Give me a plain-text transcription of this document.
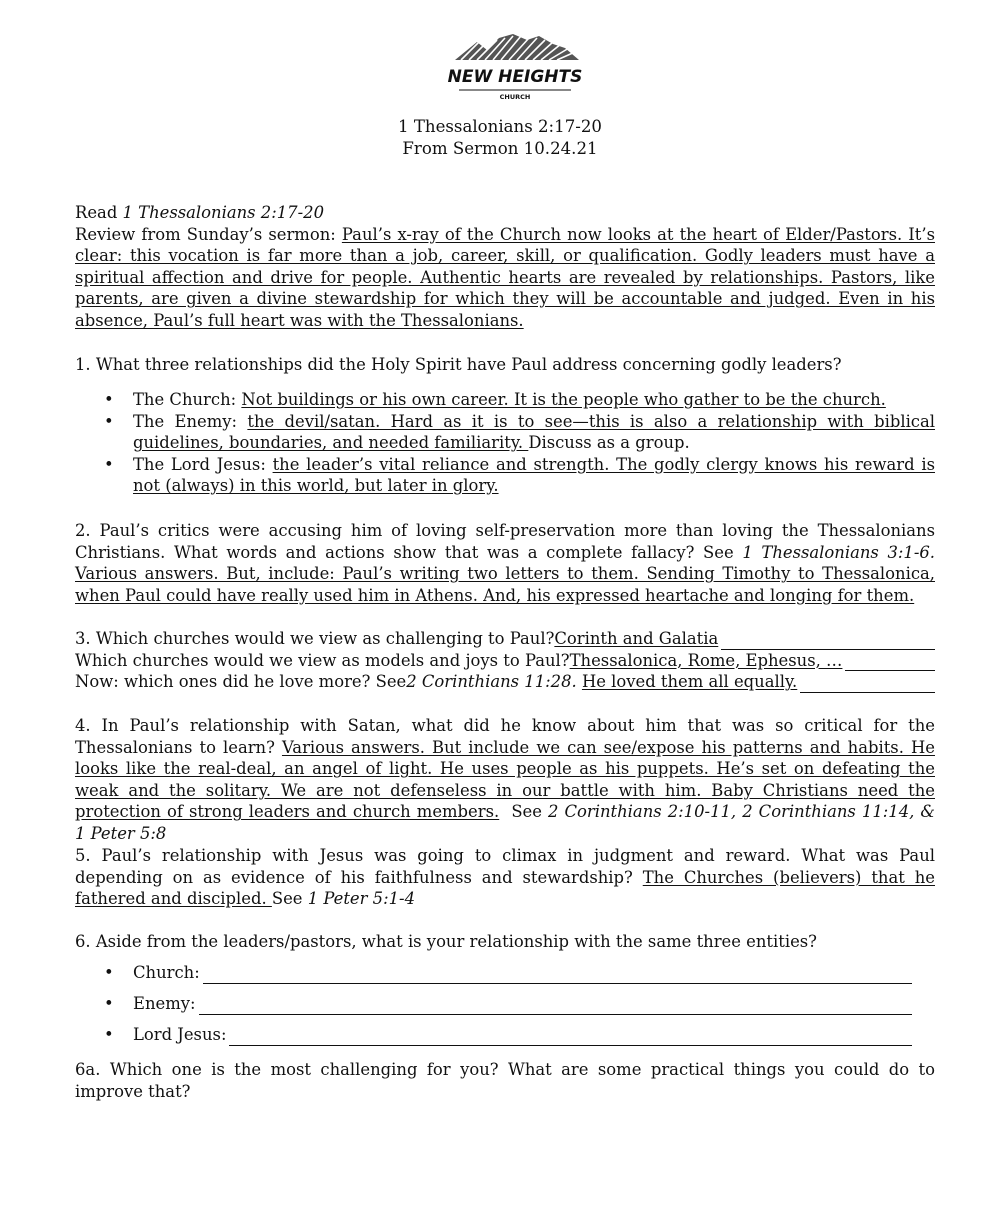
NEW HEIGHTS
CHURCH
1 Thessalonians 2:17-20
From Sermon 10.24.21

Read 1 Thessalonians 2:17-20

Review from Sunday’s sermon: Paul’s x-ray of the Church now looks at the heart of Elder/Pastors. It’s clear: this vocation is far more than a job, career, skill, or qualification. Godly leaders must have a spiritual affection and drive for people. Authentic hearts are revealed by relationships. Pastors, like parents, are given a divine stewardship for which they will be accountable and judged. Even in his absence, Paul’s full heart was with the Thessalonians.

1. What three relationships did the Holy Spirit have Paul address concerning godly leaders?

• The Church: Not buildings or his own career. It is the people who gather to be the church.
• The Enemy: the devil/satan. Hard as it is to see—this is also a relationship with biblical guidelines, boundaries, and needed familiarity. Discuss as a group.
• The Lord Jesus: the leader’s vital reliance and strength. The godly clergy knows his reward is not (always) in this world, but later in glory.

2. Paul’s critics were accusing him of loving self-preservation more than loving the Thessalonians Christians. What words and actions show that was a complete fallacy? See 1 Thessalonians 3:1-6. Various answers. But, include: Paul’s writing two letters to them. Sending Timothy to Thessalonica, when Paul could have really used him in Athens. And, his expressed heartache and longing for them.

3. Which churches would we view as challenging to Paul? Corinth and Galatia
Which churches would we view as models and joys to Paul? Thessalonica, Rome, Ephesus, …
Now: which ones did he love more? See 2 Corinthians 11:28.
He loved them all equally.

4. In Paul’s relationship with Satan, what did he know about him that was so critical for the Thessalonians to learn? Various answers. But include we can see/expose his patterns and habits. He looks like the real-deal, an angel of light. He uses people as his puppets. He’s set on defeating the weak and the solitary. We are not defenseless in our battle with him. Baby Christians need the protection of strong leaders and church members.  See 2 Corinthians 2:10-11, 2 Corinthians 11:14, & 1 Peter 5:8

5. Paul’s relationship with Jesus was going to climax in judgment and reward. What was Paul depending on as evidence of his faithfulness and stewardship? The Churches (believers) that he fathered and discipled. See 1 Peter 5:1-4

6. Aside from the leaders/pastors, what is your relationship with the same three entities?

• Church:
• Enemy:
• Lord Jesus:

6a. Which one is the most challenging for you? What are some practical things you could do to improve that?
